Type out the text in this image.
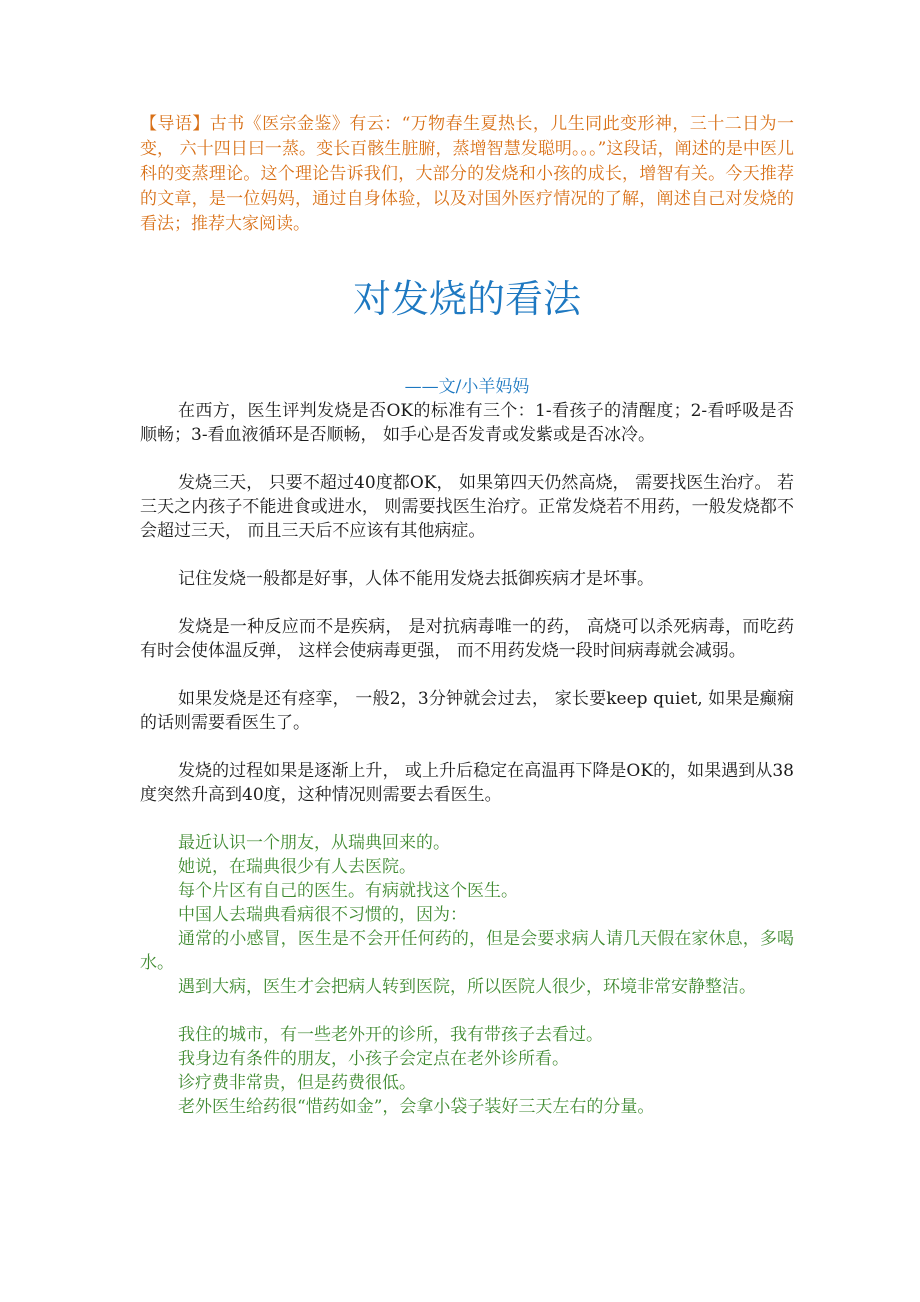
【导语】古书《医宗金鉴》有云：“万物春生夏热长，儿生同此变形神，三十二日为一变， 六十四日曰一蒸。变长百骸生脏腑，蒸增智慧发聪明。。。”这段话，阐述的是中医儿科的变蒸理论。这个理论告诉我们，大部分的发烧和小孩的成长，增智有关。今天推荐的文章，是一位妈妈，通过自身体验，以及对国外医疗情况的了解，阐述自己对发烧的看法；推荐大家阅读。

对发烧的看法
——文/小羊妈妈

在西方，医生评判发烧是否OK的标准有三个：1-看孩子的清醒度；2-看呼吸是否顺畅；3-看血液循环是否顺畅， 如手心是否发青或发紫或是否冰冷。

发烧三天， 只要不超过40度都OK， 如果第四天仍然高烧， 需要找医生治疗。 若三天之内孩子不能进食或进水， 则需要找医生治疗。正常发烧若不用药，一般发烧都不会超过三天， 而且三天后不应该有其他病症。

记住发烧一般都是好事，人体不能用发烧去抵御疾病才是坏事。

发烧是一种反应而不是疾病， 是对抗病毒唯一的药， 高烧可以杀死病毒，而吃药有时会使体温反弹， 这样会使病毒更强， 而不用药发烧一段时间病毒就会减弱。

如果发烧是还有痉挛， 一般2，3分钟就会过去， 家长要keep quiet, 如果是癫痫的话则需要看医生了。

发烧的过程如果是逐渐上升， 或上升后稳定在高温再下降是OK的，如果遇到从38度突然升高到40度，这种情况则需要去看医生。

最近认识一个朋友，从瑞典回来的。

她说，在瑞典很少有人去医院。

每个片区有自己的医生。有病就找这个医生。

中国人去瑞典看病很不习惯的，因为：

通常的小感冒，医生是不会开任何药的，但是会要求病人请几天假在家休息，多喝水。

遇到大病，医生才会把病人转到医院，所以医院人很少，环境非常安静整洁。

我住的城市，有一些老外开的诊所，我有带孩子去看过。

我身边有条件的朋友，小孩子会定点在老外诊所看。

诊疗费非常贵，但是药费很低。

老外医生给药很“惜药如金”，会拿小袋子装好三天左右的分量。
